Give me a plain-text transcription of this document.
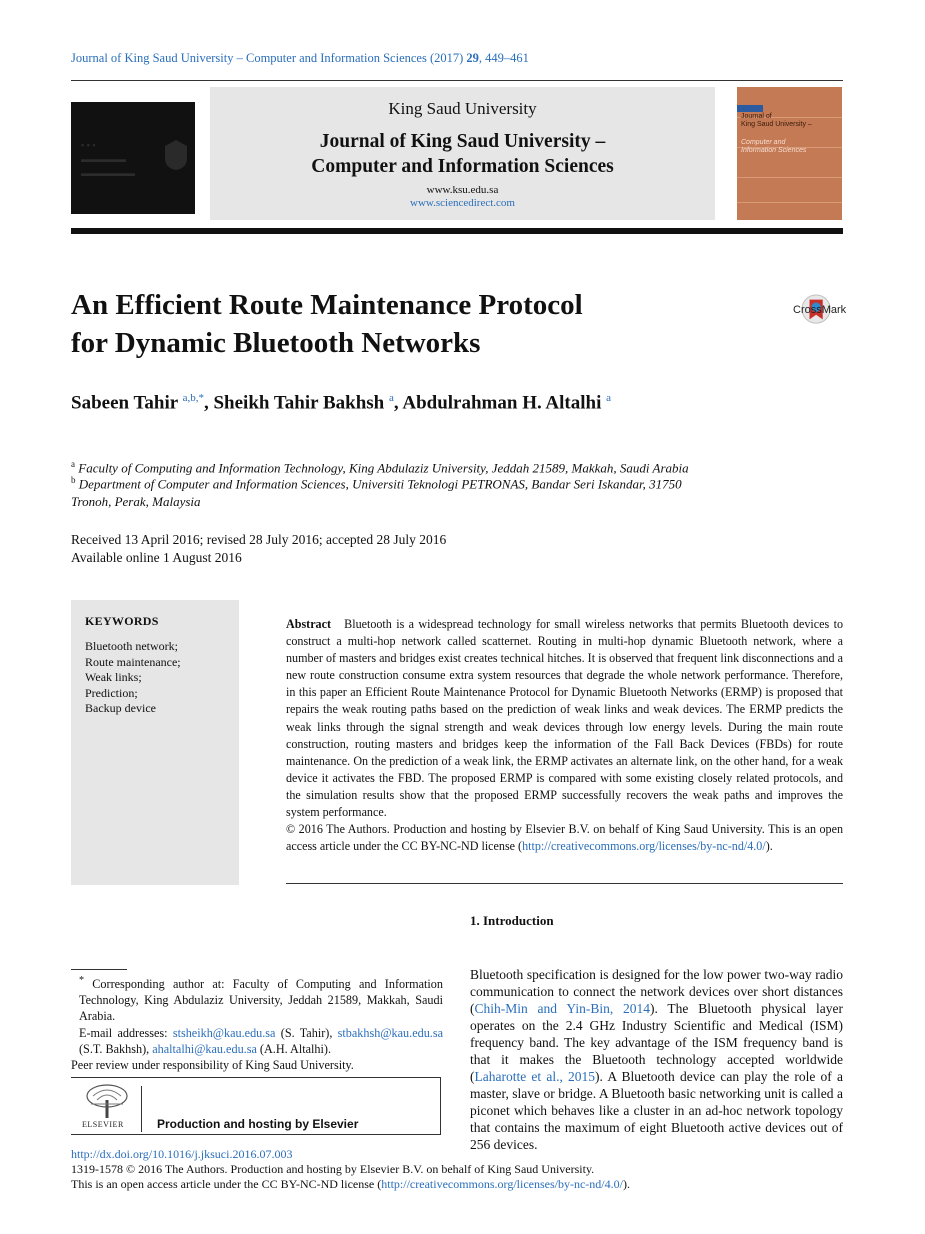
Journal of King Saud University – Computer and Information Sciences (2017) 29, 449–461
▪ ▪ ▪
▬▬▬▬▬
▬▬▬▬▬▬
King Saud University
Journal of King Saud University –
Computer and Information Sciences
www.ksu.edu.sa
www.sciencedirect.com
Journal of
King Saud University –
Computer and
Information Sciences
An Efficient Route Maintenance Protocol
for Dynamic Bluetooth Networks
CrossMark
Sabeen Tahir $^{a,b,*}$, Sheikh Tahir Bakhsh $^a$, Abdulrahman H. Altalhi $^a$
$^a$ Faculty of Computing and Information Technology, King Abdulaziz University, Jeddah 21589, Makkah, Saudi Arabia
$^b$ Department of Computer and Information Sciences, Universiti Teknologi PETRONAS, Bandar Seri Iskandar, 31750
Tronoh, Perak, Malaysia
Received 13 April 2016; revised 28 July 2016; accepted 28 July 2016
Available online 1 August 2016
KEYWORDS
Bluetooth network;
Route maintenance;
Weak links;
Prediction;
Backup device

Abstract Bluetooth is a widespread technology for small wireless networks that permits Bluetooth devices to construct a multi-hop network called scatternet. Routing in multi-hop dynamic Bluetooth network, where a number of masters and bridges exist creates technical hitches. It is observed that frequent link disconnections and a new route construction consume extra system resources that degrade the whole network performance. Therefore, in this paper an Efficient Route Maintenance Protocol for Dynamic Bluetooth Networks (ERMP) is proposed that repairs the weak routing paths based on the prediction of weak links and weak devices. The ERMP predicts the weak links through the signal strength and weak devices through low energy levels. During the main route construction, routing masters and bridges keep the information of the Fall Back Devices (FBDs) for route maintenance. On the prediction of a weak link, the ERMP activates an alternate link, on the other hand, for a weak device it activates the FBD. The proposed ERMP is compared with some existing closely related protocols, and the simulation results show that the proposed ERMP successfully recovers the weak paths and improves the system performance.

© 2016 The Authors. Production and hosting by Elsevier B.V. on behalf of King Saud University. This is an open access article under the CC BY-NC-ND license (http://creativecommons.org/licenses/by-nc-nd/4.0/).

1. Introduction

Bluetooth specification is designed for the low power two-way radio communication to connect the network devices over short distances (Chih-Min and Yin-Bin, 2014). The Bluetooth physical layer operates on the 2.4 GHz Industry Scientific and Medical (ISM) frequency band. The key advantage of the ISM frequency band is that it makes the Bluetooth technology accepted worldwide (Laharotte et al., 2015). A Bluetooth device can play the role of a master, slave or bridge. A Bluetooth basic networking unit is called a piconet which behaves like a cluster in an ad-hoc network topology that contains the maximum of eight Bluetooth active devices out of 256 devices.

* Corresponding author at: Faculty of Computing and Information Technology, King Abdulaziz University, Jeddah 21589, Makkah, Saudi Arabia.

E-mail addresses: stsheikh@kau.edu.sa (S. Tahir), stbakhsh@kau.edu.sa (S.T. Bakhsh), ahaltalhi@kau.edu.sa (A.H. Altalhi).

Peer review under responsibility of King Saud University.

ELSEVIER	Production and hosting by Elsevier
http://dx.doi.org/10.1016/j.jksuci.2016.07.003
1319-1578 © 2016 The Authors. Production and hosting by Elsevier B.V. on behalf of King Saud University.
This is an open access article under the CC BY-NC-ND license (http://creativecommons.org/licenses/by-nc-nd/4.0/).
